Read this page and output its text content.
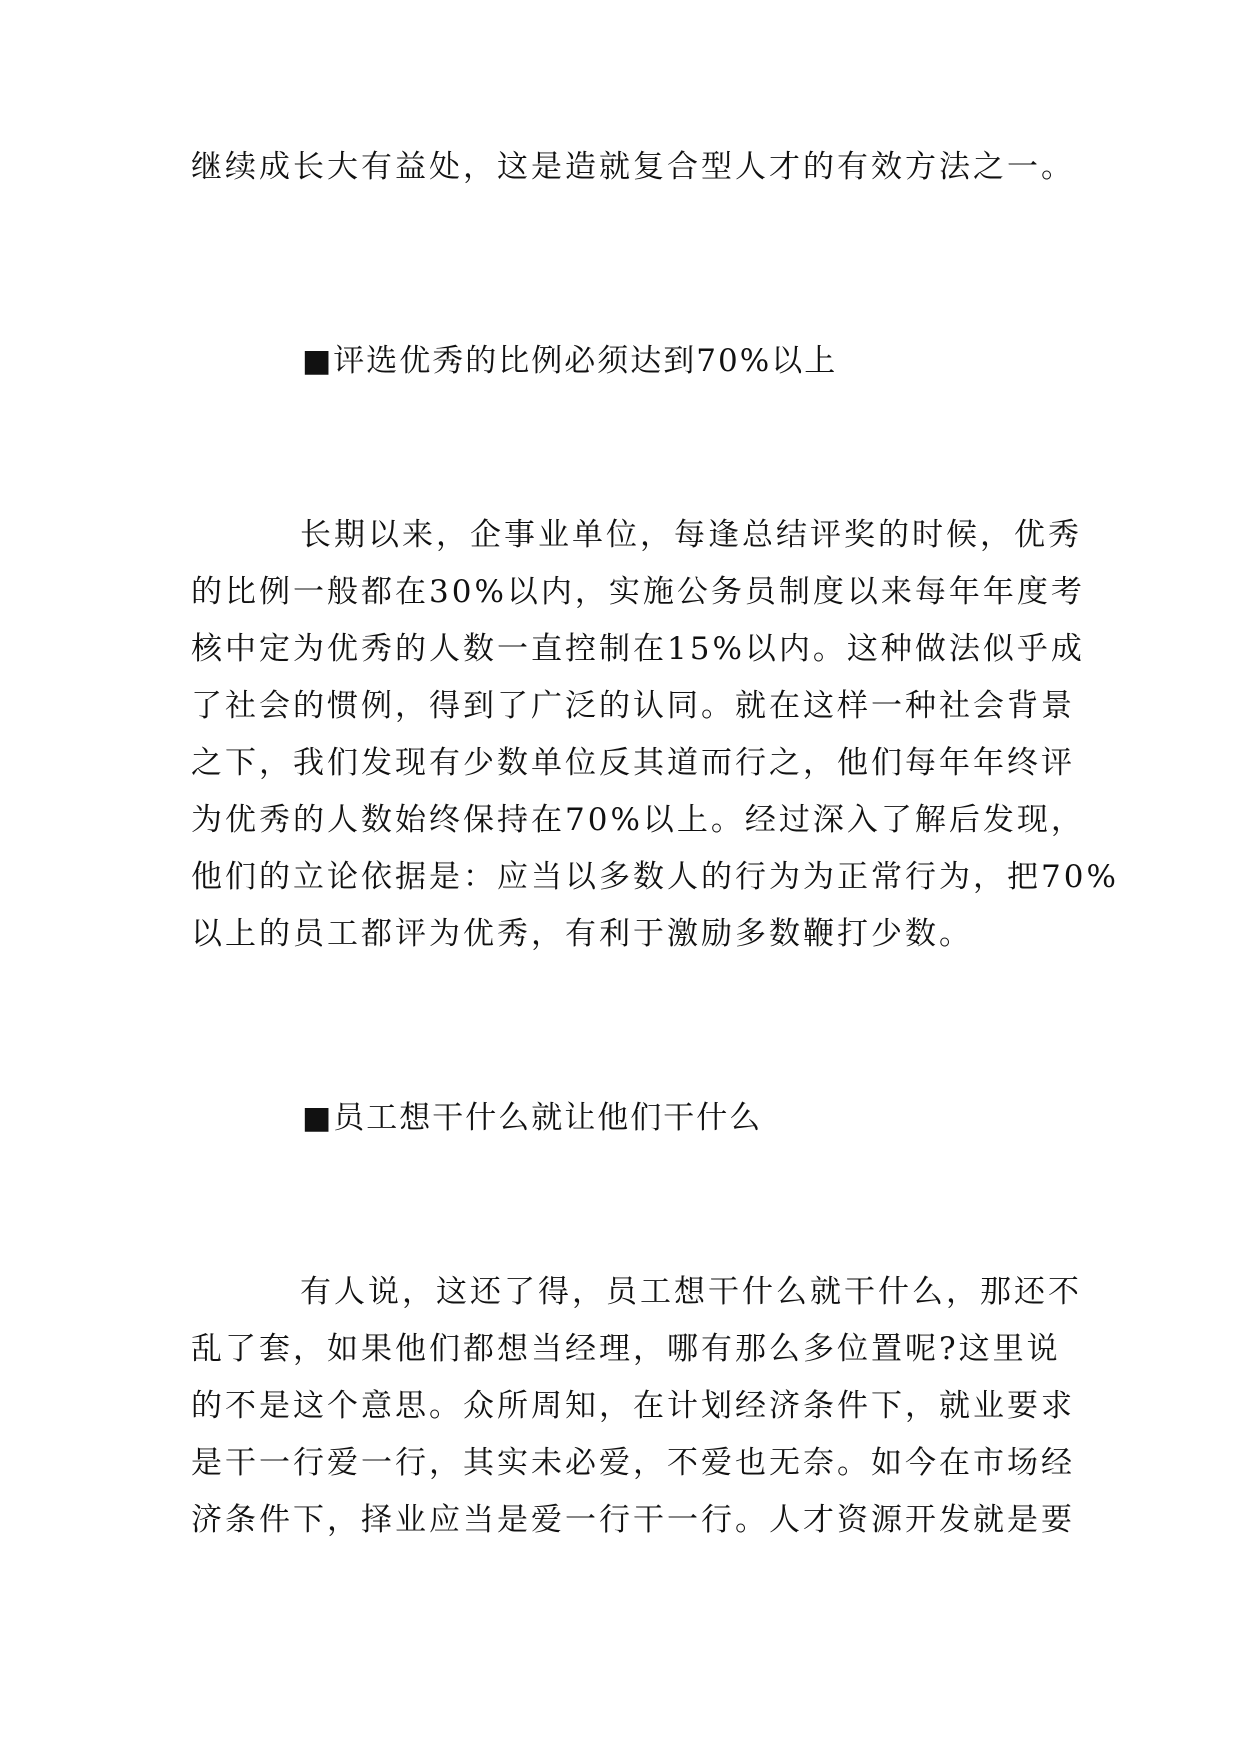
继续成长大有益处，这是造就复合型人才的有效方法之一。
■评选优秀的比例必须达到70%以上
长期以来，企事业单位，每逢总结评奖的时候，优秀
的比例一般都在30%以内，实施公务员制度以来每年年度考
核中定为优秀的人数一直控制在15%以内。这种做法似乎成
了社会的惯例，得到了广泛的认同。就在这样一种社会背景
之下，我们发现有少数单位反其道而行之，他们每年年终评
为优秀的人数始终保持在70%以上。经过深入了解后发现，
他们的立论依据是：应当以多数人的行为为正常行为，把70%
以上的员工都评为优秀，有利于激励多数鞭打少数。
■员工想干什么就让他们干什么
有人说，这还了得，员工想干什么就干什么，那还不
乱了套，如果他们都想当经理，哪有那么多位置呢?这里说
的不是这个意思。众所周知，在计划经济条件下，就业要求
是干一行爱一行，其实未必爱，不爱也无奈。如今在市场经
济条件下，择业应当是爱一行干一行。人才资源开发就是要
